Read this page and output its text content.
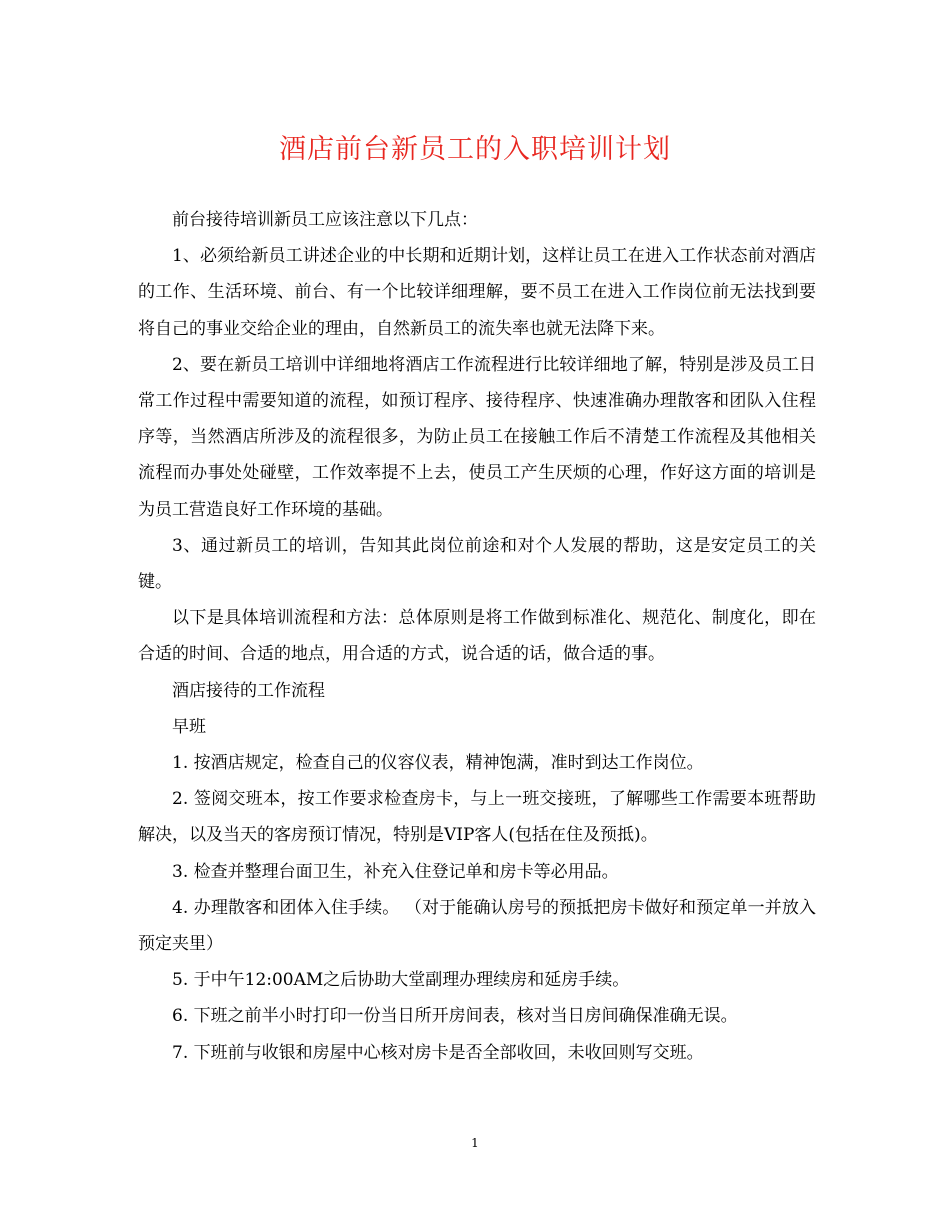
酒店前台新员工的入职培训计划

前台接待培训新员工应该注意以下几点：

1、必须给新员工讲述企业的中长期和近期计划，这样让员工在进入工作状态前对酒店的工作、生活环境、前台、有一个比较详细理解，要不员工在进入工作岗位前无法找到要将自己的事业交给企业的理由，自然新员工的流失率也就无法降下来。

2、要在新员工培训中详细地将酒店工作流程进行比较详细地了解，特别是涉及员工日常工作过程中需要知道的流程，如预订程序、接待程序、快速准确办理散客和团队入住程序等，当然酒店所涉及的流程很多，为防止员工在接触工作后不清楚工作流程及其他相关流程而办事处处碰壁，工作效率提不上去，使员工产生厌烦的心理，作好这方面的培训是为员工营造良好工作环境的基础。

3、通过新员工的培训，告知其此岗位前途和对个人发展的帮助，这是安定员工的关键。

以下是具体培训流程和方法：总体原则是将工作做到标准化、规范化、制度化，即在合适的时间、合适的地点，用合适的方式，说合适的话，做合适的事。

酒店接待的工作流程

早班

1. 按酒店规定，检查自己的仪容仪表，精神饱满，准时到达工作岗位。

2. 签阅交班本，按工作要求检查房卡，与上一班交接班，了解哪些工作需要本班帮助解决，以及当天的客房预订情况，特别是VIP客人(包括在住及预抵)。

3. 检查并整理台面卫生，补充入住登记单和房卡等必用品。

4. 办理散客和团体入住手续。 （对于能确认房号的预抵把房卡做好和预定单一并放入预定夹里）

5. 于中午12:00AM之后协助大堂副理办理续房和延房手续。

6. 下班之前半小时打印一份当日所开房间表，核对当日房间确保准确无误。

7. 下班前与收银和房屋中心核对房卡是否全部收回，未收回则写交班。

1
